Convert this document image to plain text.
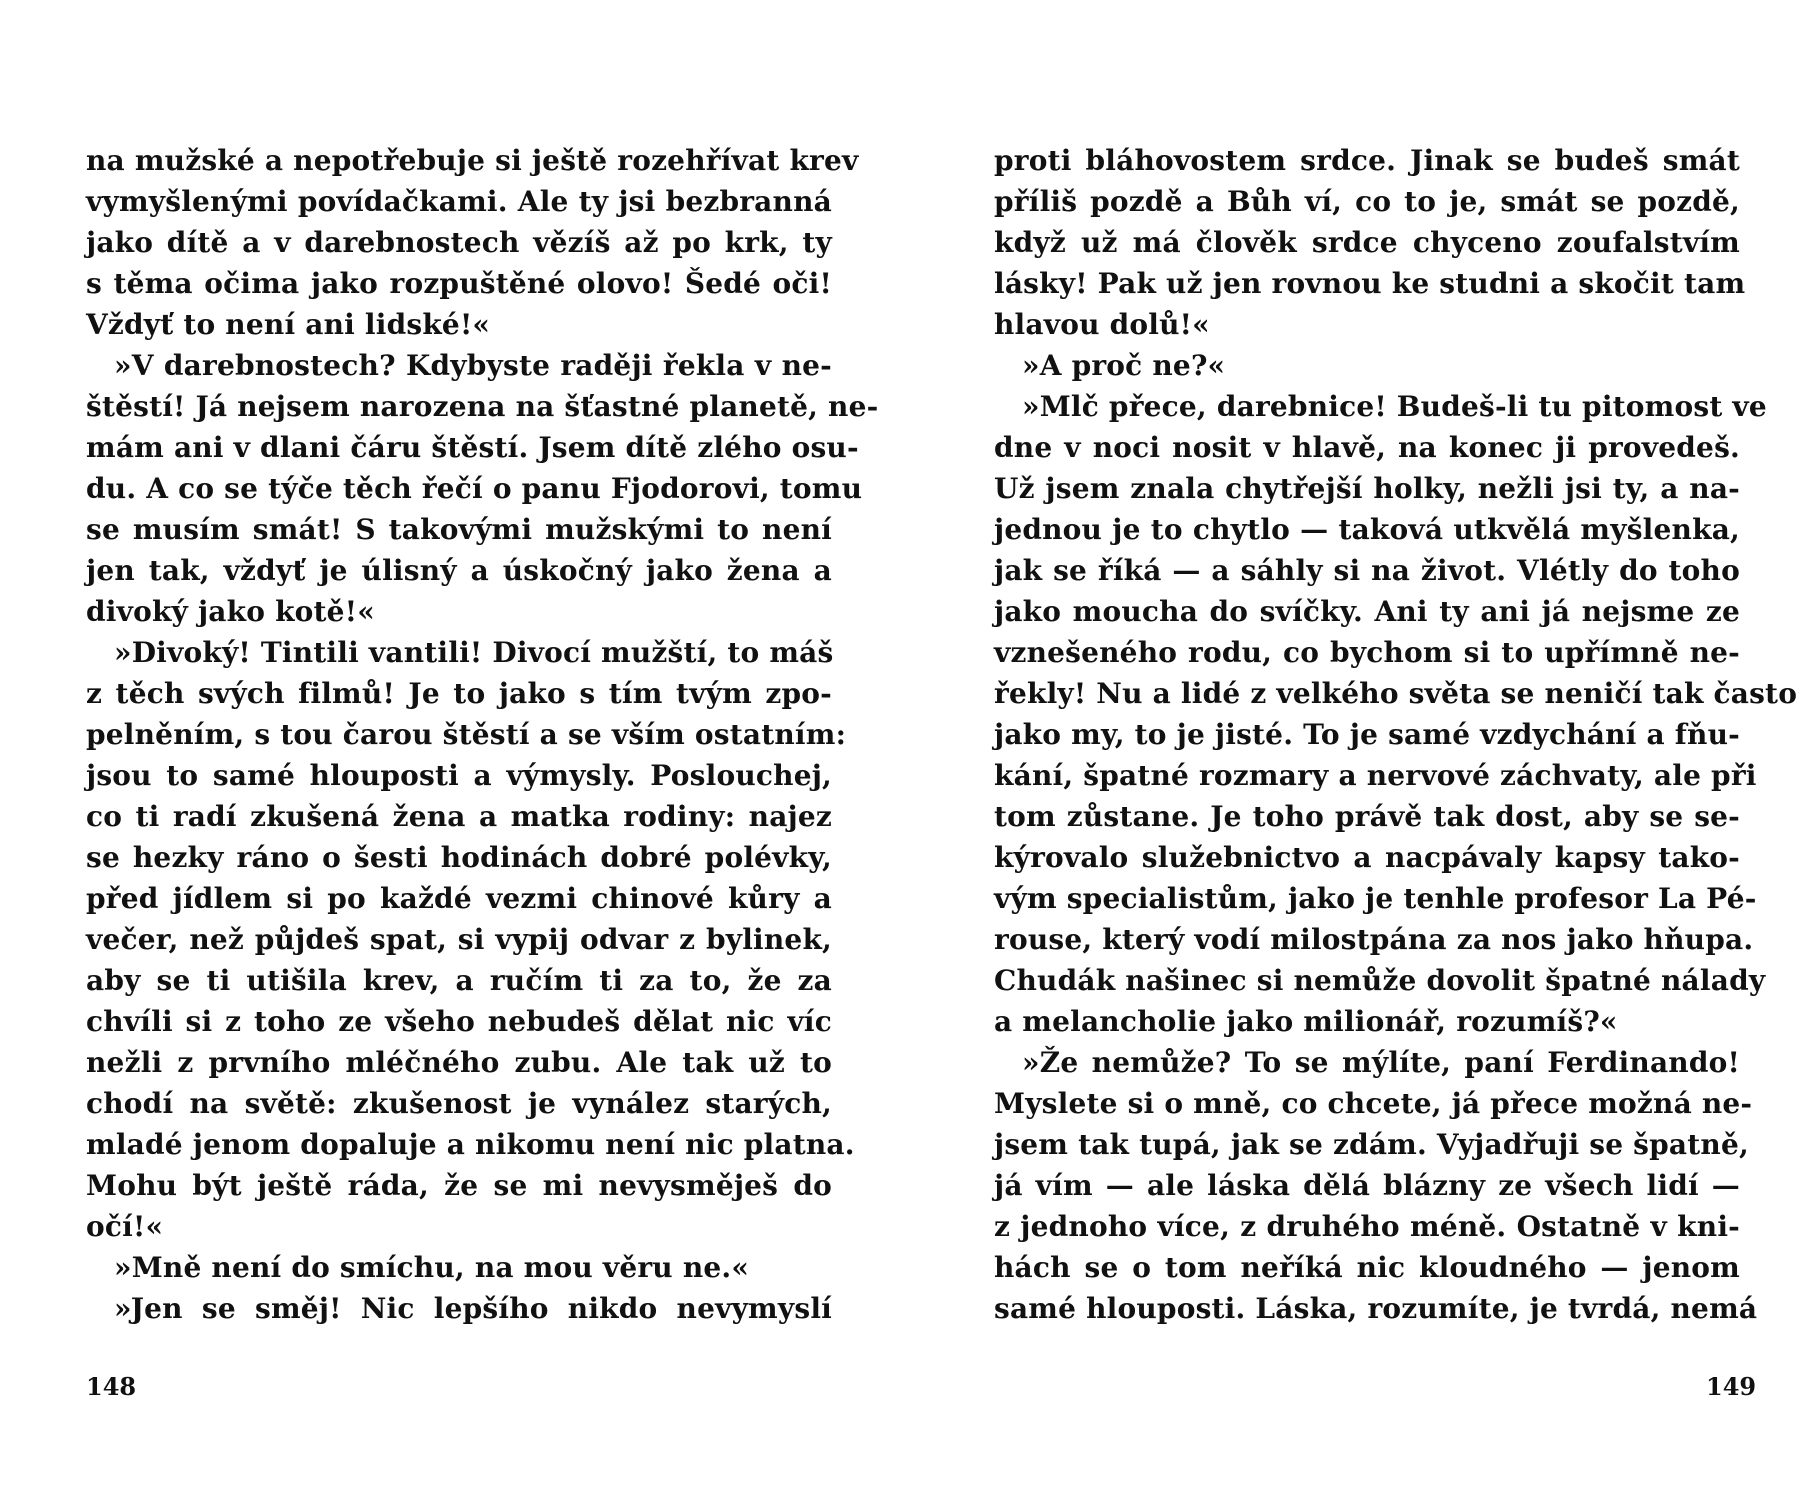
na mužské a nepotřebuje si ještě rozehřívat krev
vymyšlenými povídačkami. Ale ty jsi bezbranná
jako dítě a v darebnostech vězíš až po krk, ty
s těma očima jako rozpuštěné olovo! Šedé oči!
Vždyť to není ani lidské!«
»V darebnostech? Kdybyste raději řekla v ne-
štěstí! Já nejsem narozena na šťastné planetě, ne-
mám ani v dlani čáru štěstí. Jsem dítě zlého osu-
du. A co se týče těch řečí o panu Fjodorovi, tomu
se musím smát! S takovými mužskými to není
jen tak, vždyť je úlisný a úskočný jako žena a
divoký jako kotě!«
»Divoký! Tintili vantili! Divocí mužští, to máš
z těch svých filmů! Je to jako s tím tvým zpo-
pelněním, s tou čarou štěstí a se vším ostatním:
jsou to samé hlouposti a výmysly. Poslouchej,
co ti radí zkušená žena a matka rodiny: najez
se hezky ráno o šesti hodinách dobré polévky,
před jídlem si po každé vezmi chinové kůry a
večer, než půjdeš spat, si vypij odvar z bylinek,
aby se ti utišila krev, a ručím ti za to, že za
chvíli si z toho ze všeho nebudeš dělat nic víc
nežli z prvního mléčného zubu. Ale tak už to
chodí na světě: zkušenost je vynález starých,
mladé jenom dopaluje a nikomu není nic platna.
Mohu být ještě ráda, že se mi nevysměješ do
očí!«
»Mně není do smíchu, na mou věru ne.«
»Jen se směj! Nic lepšího nikdo nevymyslí
proti bláhovostem srdce. Jinak se budeš smát
příliš pozdě a Bůh ví, co to je, smát se pozdě,
když už má člověk srdce chyceno zoufalstvím
lásky! Pak už jen rovnou ke studni a skočit tam
hlavou dolů!«
»A proč ne?«
»Mlč přece, darebnice! Budeš-li tu pitomost ve
dne v noci nosit v hlavě, na konec ji provedeš.
Už jsem znala chytřejší holky, nežli jsi ty, a na-
jednou je to chytlo — taková utkvělá myšlenka,
jak se říká — a sáhly si na život. Vlétly do toho
jako moucha do svíčky. Ani ty ani já nejsme ze
vznešeného rodu, co bychom si to upřímně ne-
řekly! Nu a lidé z velkého světa se neničí tak často
jako my, to je jisté. To je samé vzdychání a fňu-
kání, špatné rozmary a nervové záchvaty, ale při
tom zůstane. Je toho právě tak dost, aby se se-
kýrovalo služebnictvo a nacpávaly kapsy tako-
vým specialistům, jako je tenhle profesor La Pé-
rouse, který vodí milostpána za nos jako hňupa.
Chudák našinec si nemůže dovolit špatné nálady
a melancholie jako milionář, rozumíš?«
»Že nemůže? To se mýlíte, paní Ferdinando!
Myslete si o mně, co chcete, já přece možná ne-
jsem tak tupá, jak se zdám. Vyjadřuji se špatně,
já vím — ale láska dělá blázny ze všech lidí —
z jednoho více, z druhého méně. Ostatně v kni-
hách se o tom neříká nic kloudného — jenom
samé hlouposti. Láska, rozumíte, je tvrdá, nemá
148	149
